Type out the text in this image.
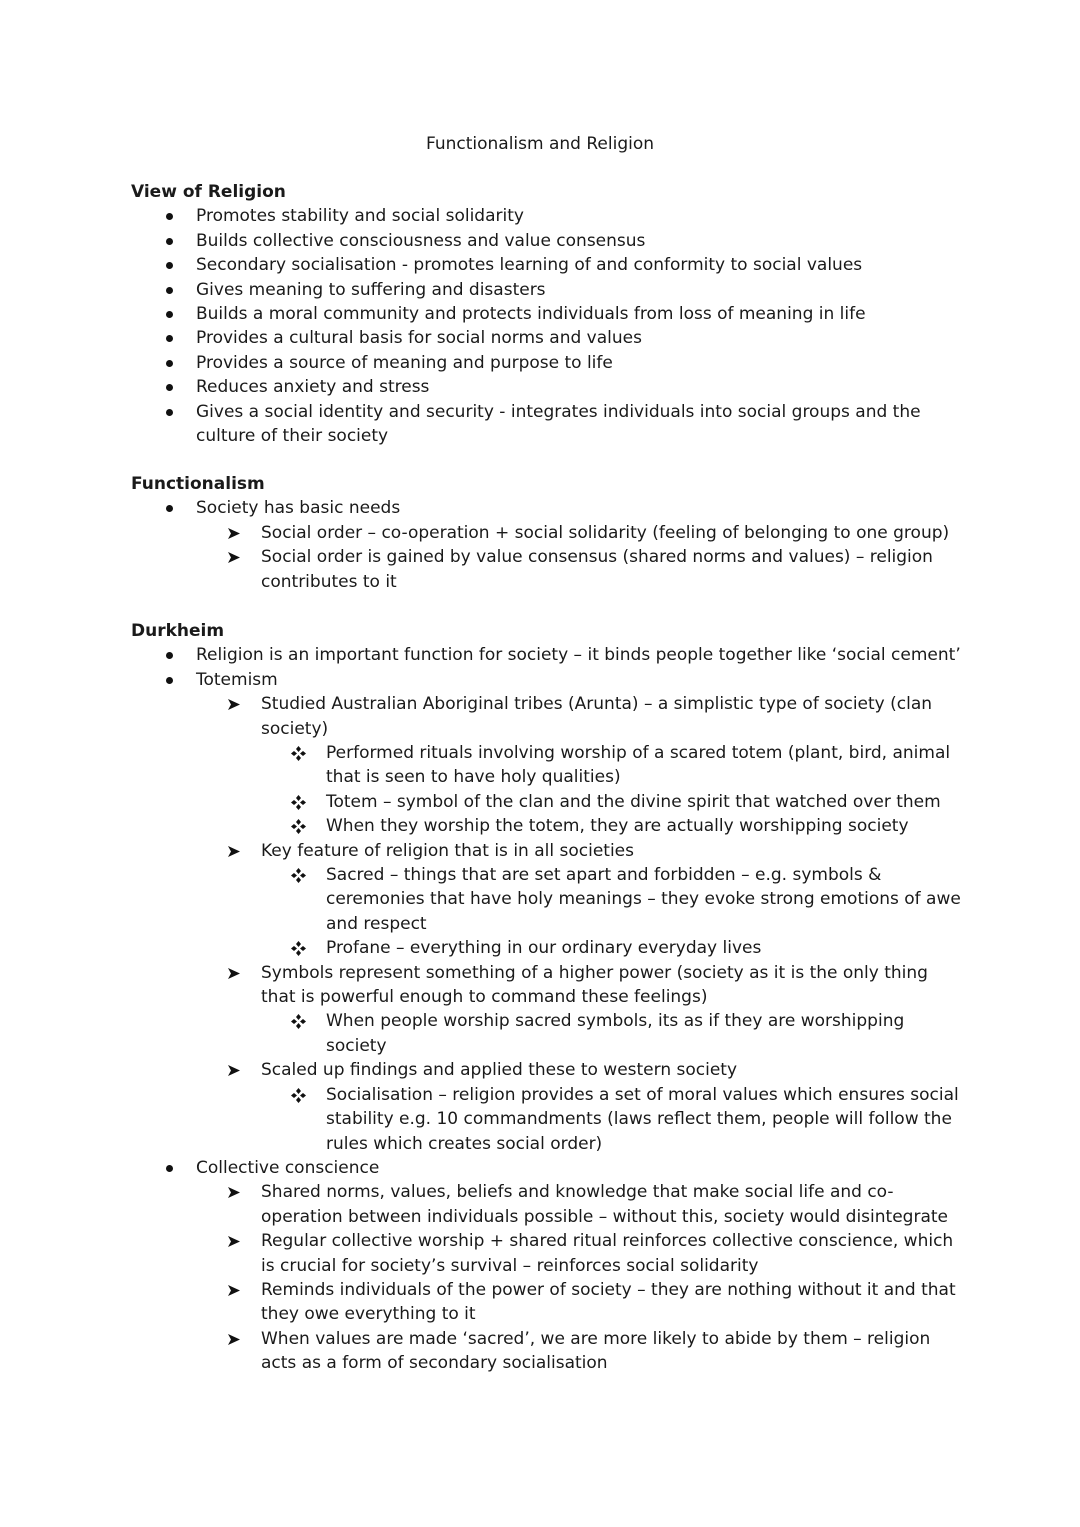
Functionalism and Religion
View of Religion
Promotes stability and social solidarity
Builds collective consciousness and value consensus
Secondary socialisation - promotes learning of and conformity to social values
Gives meaning to suffering and disasters
Builds a moral community and protects individuals from loss of meaning in life
Provides a cultural basis for social norms and values
Provides a source of meaning and purpose to life
Reduces anxiety and stress
Gives a social identity and security - integrates individuals into social groups and the culture of their society
Functionalism
Society has basic needs
Social order – co-operation + social solidarity (feeling of belonging to one group)
Social order is gained by value consensus (shared norms and values) – religion contributes to it
Durkheim
Religion is an important function for society – it binds people together like ‘social cement’
Totemism
Studied Australian Aboriginal tribes (Arunta) – a simplistic type of society (clan society)
Performed rituals involving worship of a scared totem (plant, bird, animal that is seen to have holy qualities)
Totem – symbol of the clan and the divine spirit that watched over them
When they worship the totem, they are actually worshipping society
Key feature of religion that is in all societies
Sacred – things that are set apart and forbidden – e.g. symbols & ceremonies that have holy meanings – they evoke strong emotions of awe and respect
Profane – everything in our ordinary everyday lives
Symbols represent something of a higher power (society as it is the only thing that is powerful enough to command these feelings)
When people worship sacred symbols, its as if they are worshipping society
Scaled up findings and applied these to western society
Socialisation – religion provides a set of moral values which ensures social stability e.g. 10 commandments (laws reflect them, people will follow the rules which creates social order)
Collective conscience
Shared norms, values, beliefs and knowledge that make social life and co-operation between individuals possible – without this, society would disintegrate
Regular collective worship + shared ritual reinforces collective conscience, which is crucial for society’s survival – reinforces social solidarity
Reminds individuals of the power of society – they are nothing without it and that they owe everything to it
When values are made ‘sacred’, we are more likely to abide by them – religion acts as a form of secondary socialisation
